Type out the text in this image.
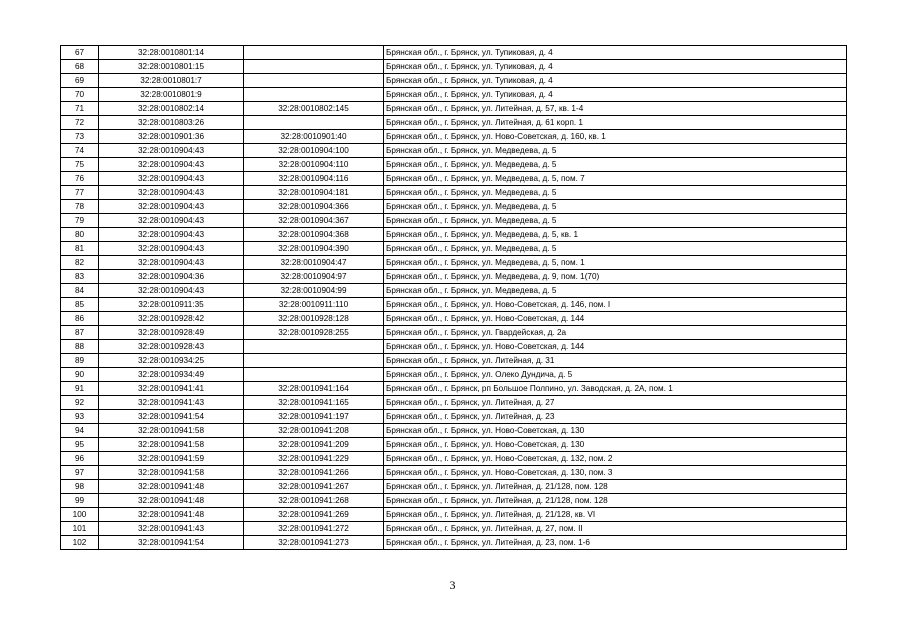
67	32:28:0010801:14		Брянская обл., г. Брянск, ул. Тупиковая, д. 4
68	32:28:0010801:15		Брянская обл., г. Брянск, ул. Тупиковая, д. 4
69	32:28:0010801:7		Брянская обл., г. Брянск, ул. Тупиковая, д. 4
70	32:28:0010801:9		Брянская обл., г. Брянск, ул. Тупиковая, д. 4
71	32:28:0010802:14	32:28:0010802:145	Брянская обл., г. Брянск, ул. Литейная, д. 57, кв. 1-4
72	32:28:0010803:26		Брянская обл., г. Брянск, ул. Литейная, д. 61 корп. 1
73	32:28:0010901:36	32:28:0010901:40	Брянская обл., г. Брянск, ул. Ново-Советская, д. 160, кв. 1
74	32:28:0010904:43	32:28:0010904:100	Брянская обл., г. Брянск, ул. Медведева, д. 5
75	32:28:0010904:43	32:28:0010904:110	Брянская обл., г. Брянск, ул. Медведева, д. 5
76	32:28:0010904:43	32:28:0010904:116	Брянская обл., г. Брянск, ул. Медведева, д. 5, пом. 7
77	32:28:0010904:43	32:28:0010904:181	Брянская обл., г. Брянск, ул. Медведева, д. 5
78	32:28:0010904:43	32:28:0010904:366	Брянская обл., г. Брянск, ул. Медведева, д. 5
79	32:28:0010904:43	32:28:0010904:367	Брянская обл., г. Брянск, ул. Медведева, д. 5
80	32:28:0010904:43	32:28:0010904:368	Брянская обл., г. Брянск, ул. Медведева, д. 5, кв. 1
81	32:28:0010904:43	32:28:0010904:390	Брянская обл., г. Брянск, ул. Медведева, д. 5
82	32:28:0010904:43	32:28:0010904:47	Брянская обл., г. Брянск, ул. Медведева, д. 5, пом. 1
83	32:28:0010904:36	32:28:0010904:97	Брянская обл., г. Брянск, ул. Медведева, д. 9, пом. 1(70)
84	32:28:0010904:43	32:28:0010904:99	Брянская обл., г. Брянск, ул. Медведева, д. 5
85	32:28:0010911:35	32:28:0010911:110	Брянская обл., г. Брянск, ул. Ново-Советская, д. 146, пом. I
86	32:28:0010928:42	32:28:0010928:128	Брянская обл., г. Брянск, ул. Ново-Советская, д. 144
87	32:28:0010928:49	32:28:0010928:255	Брянская обл., г. Брянск, ул. Гвардейская, д. 2а
88	32:28:0010928:43		Брянская обл., г. Брянск, ул. Ново-Советская, д. 144
89	32:28:0010934:25		Брянская обл., г. Брянск, ул. Литейная, д. 31
90	32:28:0010934:49		Брянская обл., г. Брянск, ул. Олеко Дундича, д. 5
91	32:28:0010941:41	32:28:0010941:164	Брянская обл., г. Брянск, рп Большое Полпино, ул. Заводская, д. 2А, пом. 1
92	32:28:0010941:43	32:28:0010941:165	Брянская обл., г. Брянск, ул. Литейная, д. 27
93	32:28:0010941:54	32:28:0010941:197	Брянская обл., г. Брянск, ул. Литейная, д. 23
94	32:28:0010941:58	32:28:0010941:208	Брянская обл., г. Брянск, ул. Ново-Советская, д. 130
95	32:28:0010941:58	32:28:0010941:209	Брянская обл., г. Брянск, ул. Ново-Советская, д. 130
96	32:28:0010941:59	32:28:0010941:229	Брянская обл., г. Брянск, ул. Ново-Советская, д. 132, пом. 2
97	32:28:0010941:58	32:28:0010941:266	Брянская обл., г. Брянск, ул. Ново-Советская, д. 130, пом. 3
98	32:28:0010941:48	32:28:0010941:267	Брянская обл., г. Брянск, ул. Литейная, д. 21/128, пом. 128
99	32:28:0010941:48	32:28:0010941:268	Брянская обл., г. Брянск, ул. Литейная, д. 21/128, пом. 128
100	32:28:0010941:48	32:28:0010941:269	Брянская обл., г. Брянск, ул. Литейная, д. 21/128, кв. VI
101	32:28:0010941:43	32:28:0010941:272	Брянская обл., г. Брянск, ул. Литейная, д. 27, пом. II
102	32:28:0010941:54	32:28:0010941:273	Брянская обл., г. Брянск, ул. Литейная, д. 23, пом. 1-6
3
